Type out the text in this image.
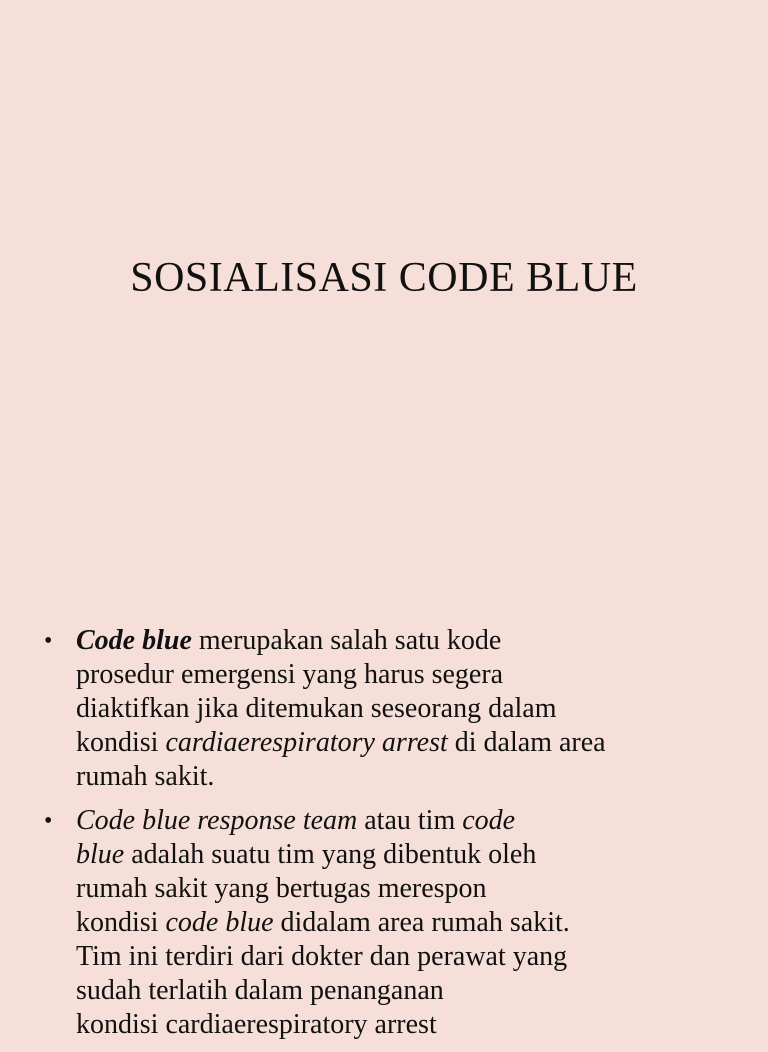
SOSIALISASI CODE BLUE
• Code blue merupakan salah satu kode
prosedur emergensi yang harus segera
diaktifkan jika ditemukan seseorang dalam
kondisi cardiaerespiratory arrest di dalam area
rumah sakit.
• Code blue response team atau tim code
blue adalah suatu tim yang dibentuk oleh
rumah sakit yang bertugas merespon
kondisi code blue didalam area rumah sakit.
Tim ini terdiri dari dokter dan perawat yang
sudah terlatih dalam penanganan
kondisi cardiaerespiratory arrest
